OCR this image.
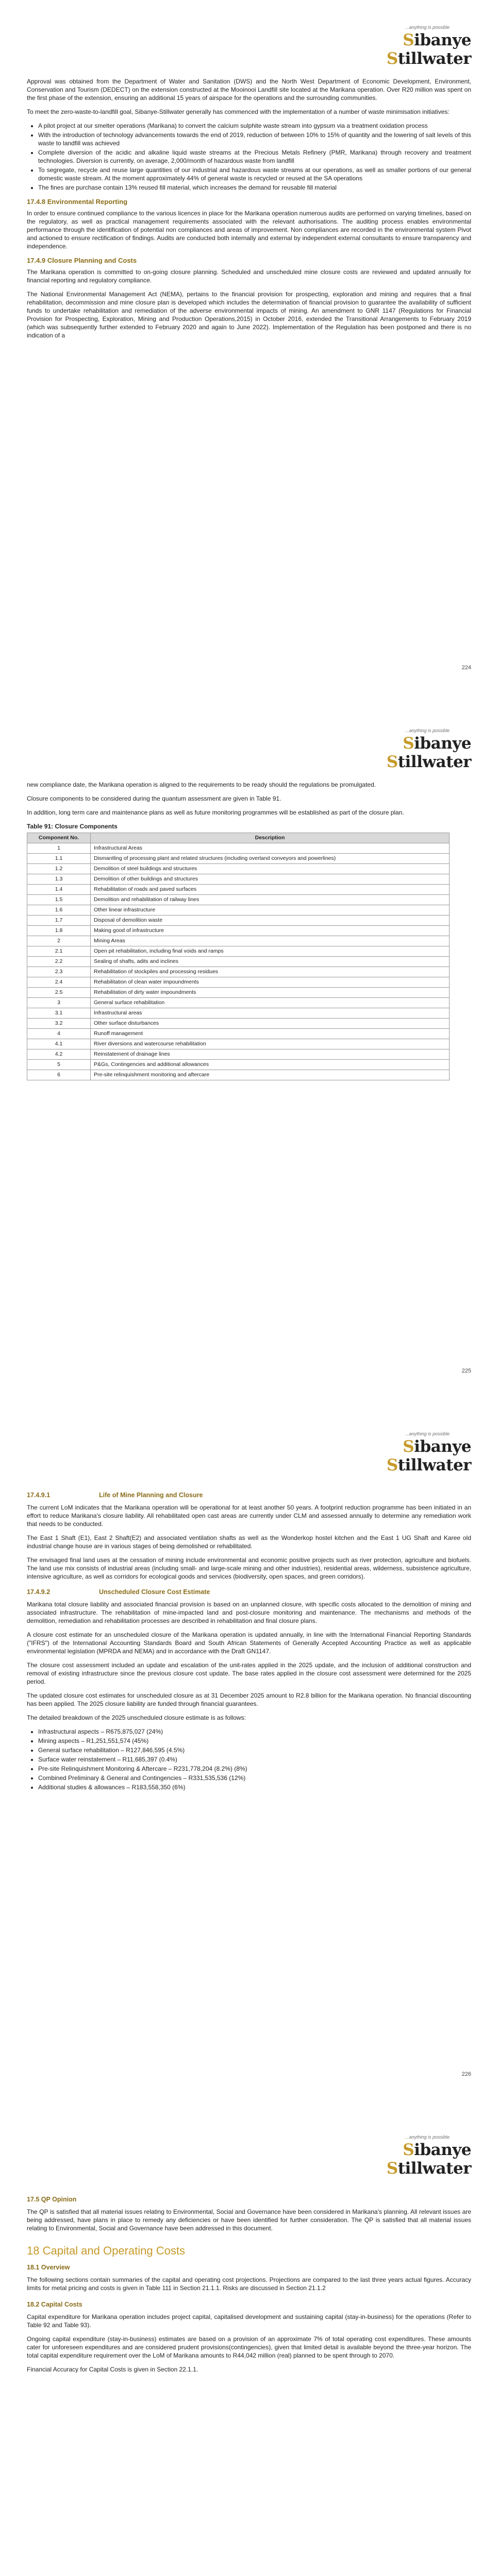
...anything is possible
Sibanye
Stillwater

Approval was obtained from the Department of Water and Sanitation (DWS) and the North West Department of Economic Development, Environment, Conservation and Tourism (DEDECT) on the extension constructed at the Mooinooi Landfill site located at the Marikana operation. Over R20 million was spent on the first phase of the extension, ensuring an additional 15 years of airspace for the operations and the surrounding communities.

To meet the zero-waste-to-landfill goal, Sibanye-Stillwater generally has commenced with the implementation of a number of waste minimisation initiatives:

• A pilot project at our smelter operations (Marikana) to convert the calcium sulphite waste stream into gypsum via a treatment oxidation process
• With the introduction of technology advancements towards the end of 2019, reduction of between 10% to 15% of quantity and the lowering of salt levels of this waste to landfill was achieved
• Complete diversion of the acidic and alkaline liquid waste streams at the Precious Metals Refinery (PMR, Marikana) through recovery and treatment technologies. Diversion is currently, on average, 2,000/month of hazardous waste from landfill
• To segregate, recycle and reuse large quantities of our industrial and hazardous waste streams at our operations, as well as smaller portions of our general domestic waste stream. At the moment approximately 44% of general waste is recycled or reused at the SA operations
• The fines are purchase contain 13% reused fill material, which increases the demand for reusable fill material
17.4.8 Environmental Reporting

In order to ensure continued compliance to the various licences in place for the Marikana operation numerous audits are performed on varying timelines, based on the regulatory, as well as practical management requirements associated with the relevant authorisations. The auditing process enables environmental performance through the identification of potential non compliances and areas of improvement. Non compliances are recorded in the environmental system Pivot and actioned to ensure rectification of findings. Audits are conducted both internally and external by independent external consultants to ensure transparency and independence.

17.4.9 Closure Planning and Costs

The Marikana operation is committed to on-going closure planning. Scheduled and unscheduled mine closure costs are reviewed and updated annually for financial reporting and regulatory compliance.

The National Environmental Management Act (NEMA), pertains to the financial provision for prospecting, exploration and mining and requires that a final rehabilitation, decommission and mine closure plan is developed which includes the determination of financial provision to guarantee the availability of sufficient funds to undertake rehabilitation and remediation of the adverse environmental impacts of mining. An amendment to GNR 1147 (Regulations for Financial Provision for Prospecting, Exploration, Mining and Production Operations,2015) in October 2016, extended the Transitional Arrangements to February 2019 (which was subsequently further extended to February 2020 and again to June 2022). Implementation of the Regulation has been postponed and there is no indication of a

224
...anything is possible
Sibanye
Stillwater

new compliance date, the Marikana operation is aligned to the requirements to be ready should the regulations be promulgated.

Closure components to be considered during the quantum assessment are given in Table 91.

In addition, long term care and maintenance plans as well as future monitoring programmes will be established as part of the closure plan.

Table 91: Closure Components
Component No.	Description
1	Infrastructural Areas
1.1	Dismantling of processing plant and related structures (including overland conveyors and powerlines)
1.2	Demolition of steel buildings and structures
1.3	Demolition of other buildings and structures
1.4	Rehabilitation of roads and paved surfaces
1.5	Demolition and rehabilitation of railway lines
1.6	Other linear infrastructure
1.7	Disposal of demolition waste
1.8	Making good of infrastructure
2	Mining Areas
2.1	Open pit rehabilitation, including final voids and ramps
2.2	Sealing of shafts, adits and inclines
2.3	Rehabilitation of stockpiles and processing residues
2.4	Rehabilitation of clean water impoundments
2.5	Rehabilitation of dirty water impoundments
3	General surface rehabilitation
3.1	Infrastructural areas
3.2	Other surface disturbances
4	Runoff management
4.1	River diversions and watercourse rehabilitation
4.2	Reinstatement of drainage lines
5	P&Gs, Contingencies and additional allowances
6	Pre-site relinquishment monitoring and aftercare
225
...anything is possible
Sibanye
Stillwater
17.4.9.1	Life of Mine Planning and Closure

The current LoM indicates that the Marikana operation will be operational for at least another 50 years. A footprint reduction programme has been initiated in an effort to reduce Marikana's closure liability. All rehabilitated open cast areas are currently under CLM and assessed annually to determine any remediation work that needs to be conducted.

The East 1 Shaft (E1), East 2 Shaft(E2) and associated ventilation shafts as well as the Wonderkop hostel kitchen and the East 1 UG Shaft and Karee old industrial change house are in various stages of being demolished or rehabilitated.

The envisaged final land uses at the cessation of mining include environmental and economic positive projects such as river protection, agriculture and biofuels. The land use mix consists of industrial areas (including small- and large-scale mining and other industries), residential areas, wilderness, subsistence agriculture, intensive agriculture, as well as corridors for ecological goods and services (biodiversity, open spaces, and green corridors).

17.4.9.2	Unscheduled Closure Cost Estimate

Marikana total closure liability and associated financial provision is based on an unplanned closure, with specific costs allocated to the demolition of mining and associated infrastructure. The rehabilitation of mine-impacted land and post-closure monitoring and maintenance. The mechanisms and methods of the demolition, remediation and rehabilitation processes are described in rehabilitation and final closure plans.

A closure cost estimate for an unscheduled closure of the Marikana operation is updated annually, in line with the International Financial Reporting Standards ("IFRS") of the International Accounting Standards Board and South African Statements of Generally Accepted Accounting Practice as well as applicable environmental legislation (MPRDA and NEMA) and in accordance with the Draft GN1147.

The closure cost assessment included an update and escalation of the unit-rates applied in the 2025 update, and the inclusion of additional construction and removal of existing infrastructure since the previous closure cost update. The base rates applied in the closure cost assessment were determined for the 2025 period.

The updated closure cost estimates for unscheduled closure as at 31 December 2025 amount to R2.8 billion for the Marikana operation. No financial discounting has been applied. The 2025 closure liability are funded through financial guarantees.

The detailed breakdown of the 2025 unscheduled closure estimate is as follows:

• Infrastructural aspects – R675,875,027 (24%)
• Mining aspects – R1,251,551,574 (45%)
• General surface rehabilitation – R127,846,595 (4.5%)
• Surface water reinstatement – R11,685,397 (0.4%)
• Pre-site Relinquishment Monitoring & Aftercare – R231,778,204 (8.2%) (8%)
• Combined Preliminary & General and Contingencies – R331,535,536 (12%)
• Additional studies & allowances – R183,558,350 (6%)
226
...anything is possible
Sibanye
Stillwater
17.5 QP Opinion

The QP is satisfied that all material issues relating to Environmental, Social and Governance have been considered in Marikana's planning. All relevant issues are being addressed, have plans in place to remedy any deficiencies or have been identified for further consideration. The QP is satisfied that all material issues relating to Environmental, Social and Governance have been addressed in this document.

18 Capital and Operating Costs
18.1 Overview

The following sections contain summaries of the capital and operating cost projections. Projections are compared to the last three years actual figures. Accuracy limits for metal pricing and costs is given in Table 111 in Section 21.1.1. Risks are discussed in Section 21.1.2

18.2 Capital Costs

Capital expenditure for Marikana operation includes project capital, capitalised development and sustaining capital (stay-in-business) for the operations (Refer to Table 92 and Table 93).

Ongoing capital expenditure (stay-in-business) estimates are based on a provision of an approximate 7% of total operating cost expenditures. These amounts cater for unforeseen expenditures and are considered prudent provisions(contingencies), given that limited detail is available beyond the three-year horizon. The total capital expenditure requirement over the LoM of Marikana amounts to R44,042 million (real) planned to be spent through to 2070.

Financial Accuracy for Capital Costs is given in Section 22.1.1.
